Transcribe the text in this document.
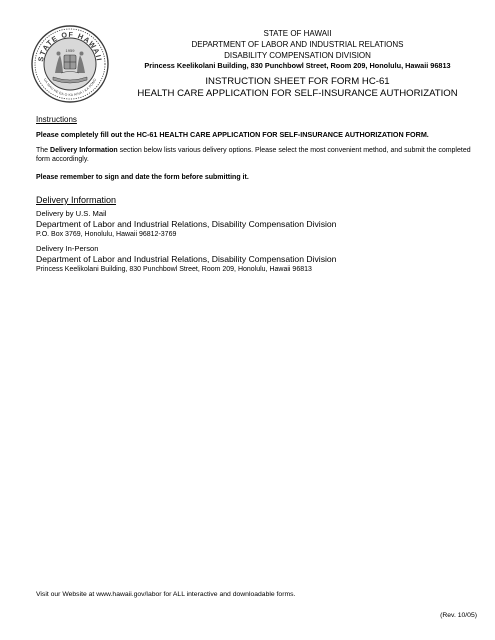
STATE OF HAWAII
UA MAU KE EA O KA AINA I KA PONO
1959
STATE OF HAWAII
DEPARTMENT OF LABOR AND INDUSTRIAL RELATIONS
DISABILITY COMPENSATION DIVISION
Princess Keelikolani Building, 830 Punchbowl Street, Room 209, Honolulu, Hawaii 96813
INSTRUCTION SHEET FOR FORM HC-61
HEALTH CARE APPLICATION FOR SELF-INSURANCE AUTHORIZATION
Instructions
Please completely fill out the HC-61 HEALTH CARE APPLICATION FOR SELF-INSURANCE AUTHORIZATION FORM.
The Delivery Information section below lists various delivery options. Please select the most convenient method, and submit the completed form accordingly.
Please remember to sign and date the form before submitting it.
Delivery Information
Delivery by U.S. Mail
Department of Labor and Industrial Relations, Disability Compensation Division
P.O. Box 3769, Honolulu, Hawaii 96812-3769
Delivery In-Person
Department of Labor and Industrial Relations, Disability Compensation Division
Princess Keelikolani Building, 830 Punchbowl Street, Room 209, Honolulu, Hawaii 96813
Visit our Website at www.hawaii.gov/labor for ALL interactive and downloadable forms.
(Rev. 10/05)
